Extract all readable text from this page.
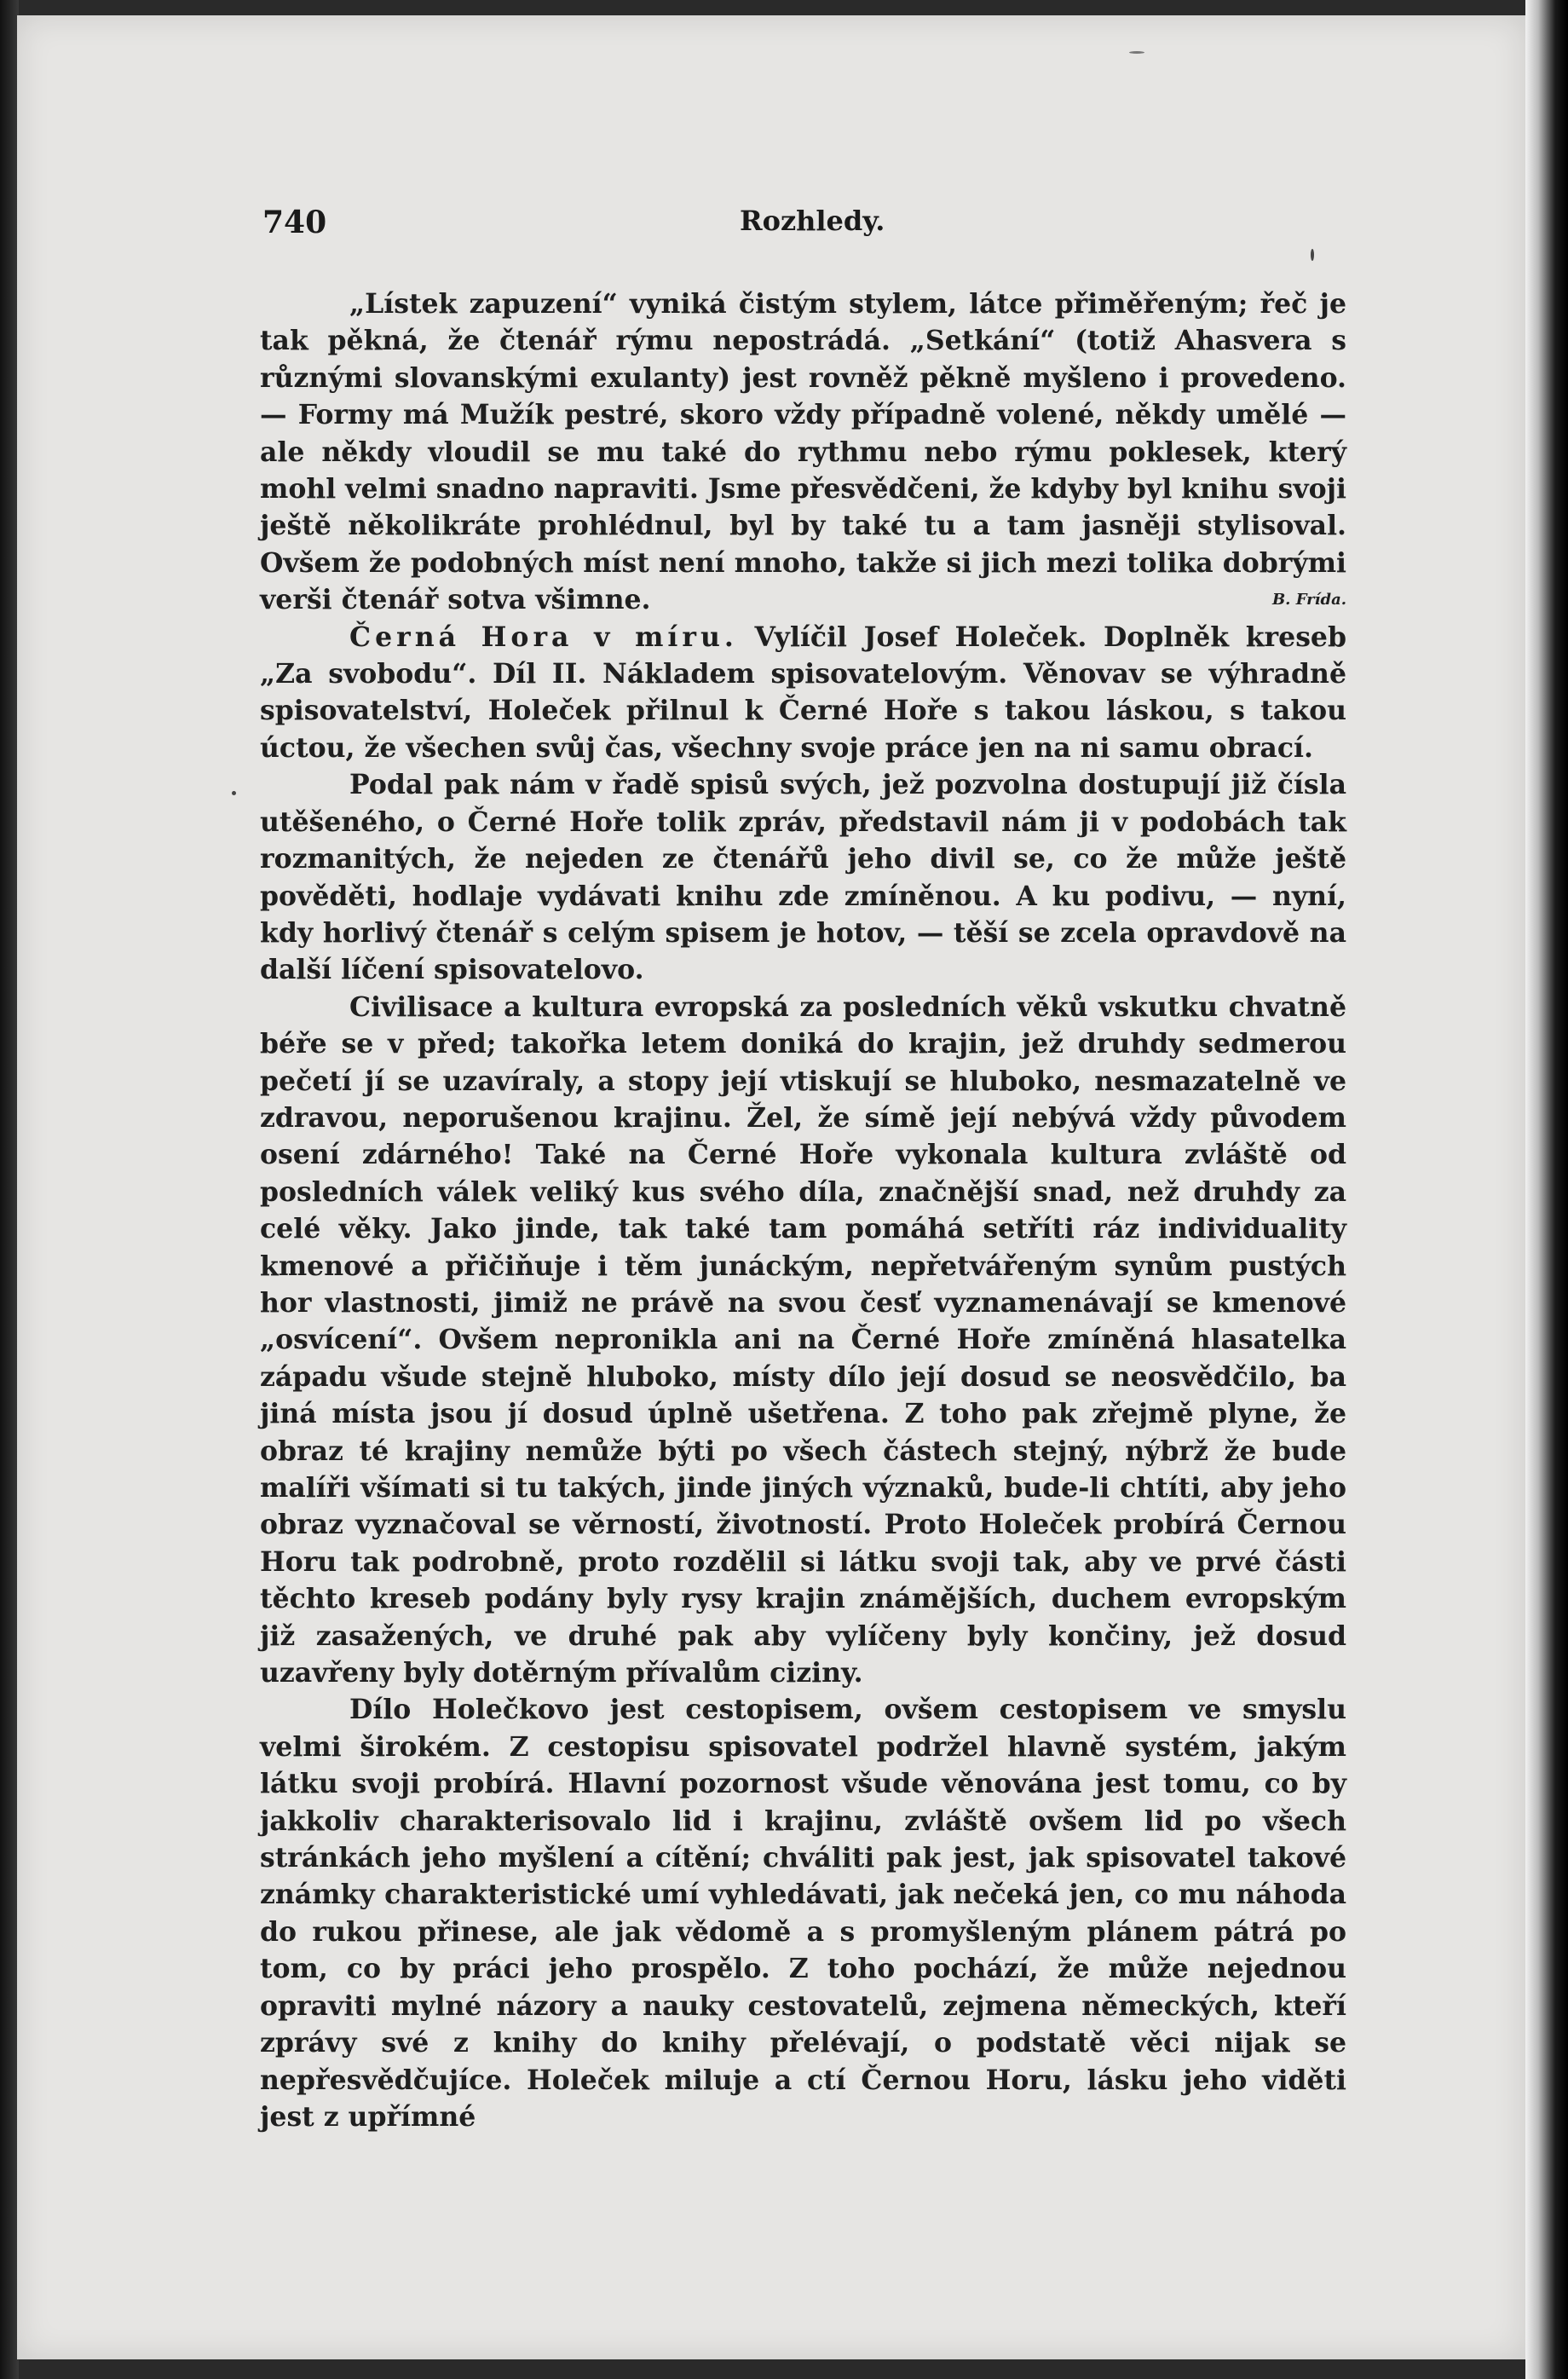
740	Rozhledy.

„Lístek zapuzení“ vyniká čistým stylem, látce přiměřeným; řeč je tak pěkná, že čtenář rýmu nepostrádá. „Setkání“ (totiž Ahasvera s různými slovanskými exulanty) jest rovněž pěkně myšleno i provedeno. — Formy má Mužík pestré, skoro vždy případně volené, někdy umělé — ale někdy vloudil se mu také do rythmu nebo rýmu poklesek, který mohl velmi snadno napraviti. Jsme přesvědčeni, že kdyby byl knihu svoji ještě několikráte prohlédnul, byl by také tu a tam jasněji stylisoval. Ovšem že podobných míst není mnoho, takže si jich mezi tolika dobrými verši čtenář sotva všimne.	B. Frída.

Černá Hora v míru. Vylíčil Josef Holeček. Doplněk kreseb „Za svobodu“. Díl II. Nákladem spisovatelovým. Věnovav se výhradně spisovatelství, Holeček přilnul k Černé Hoře s takou láskou, s takou úctou, že všechen svůj čas, všechny svoje práce jen na ni samu obrací.

Podal pak nám v řadě spisů svých, jež pozvolna dostupují již čísla utěšeného, o Černé Hoře tolik zpráv, představil nám ji v podobách tak rozmanitých, že nejeden ze čtenářů jeho divil se, co že může ještě pověděti, hodlaje vydávati knihu zde zmíněnou. A ku podivu, — nyní, kdy horlivý čtenář s celým spisem je hotov, — těší se zcela opravdově na další líčení spisovatelovo.

Civilisace a kultura evropská za posledních věků vskutku chvatně béře se v před; takořka letem doniká do krajin, jež druhdy sedmerou pečetí jí se uzavíraly, a stopy její vtiskují se hluboko, nesmazatelně ve zdravou, neporušenou krajinu. Žel, že símě její nebývá vždy původem osení zdárného! Také na Černé Hoře vykonala kultura zvláště od posledních válek veliký kus svého díla, značnější snad, než druhdy za celé věky. Jako jinde, tak také tam pomáhá setříti ráz individuality kmenové a přičiňuje i těm junáckým, nepřetvářeným synům pustých hor vlastnosti, jimiž ne právě na svou česť vyznamenávají se kmenové „osvícení“. Ovšem nepronikla ani na Černé Hoře zmíněná hlasatelka západu všude stejně hluboko, místy dílo její dosud se neosvědčilo, ba jiná místa jsou jí dosud úplně ušetřena. Z toho pak zřejmě plyne, že obraz té krajiny nemůže býti po všech částech stejný, nýbrž že bude malíři všímati si tu takých, jinde jiných význaků, bude-li chtíti, aby jeho obraz vyznačoval se věrností, životností. Proto Holeček probírá Černou Horu tak podrobně, proto rozdělil si látku svoji tak, aby ve prvé části těchto kreseb podány byly rysy krajin známějších, duchem evropským již zasažených, ve druhé pak aby vylíčeny byly končiny, jež dosud uzavřeny byly dotěrným přívalům ciziny.

Dílo Holečkovo jest cestopisem, ovšem cestopisem ve smyslu velmi širokém. Z cestopisu spisovatel podržel hlavně systém, jakým látku svoji probírá. Hlavní pozornost všude věnována jest tomu, co by jakkoliv charakterisovalo lid i krajinu, zvláště ovšem lid po všech stránkách jeho myšlení a cítění; chváliti pak jest, jak spisovatel takové známky charakteristické umí vyhledávati, jak nečeká jen, co mu náhoda do rukou přinese, ale jak vědomě a s promyšleným plánem pátrá po tom, co by práci jeho prospělo. Z toho pochází, že může nejednou opraviti mylné názory a nauky cestovatelů, zejmena německých, kteří zprávy své z knihy do knihy přelévají, o podstatě věci nijak se nepřesvědčujíce. Holeček miluje a ctí Černou Horu, lásku jeho viděti jest z upřímné
